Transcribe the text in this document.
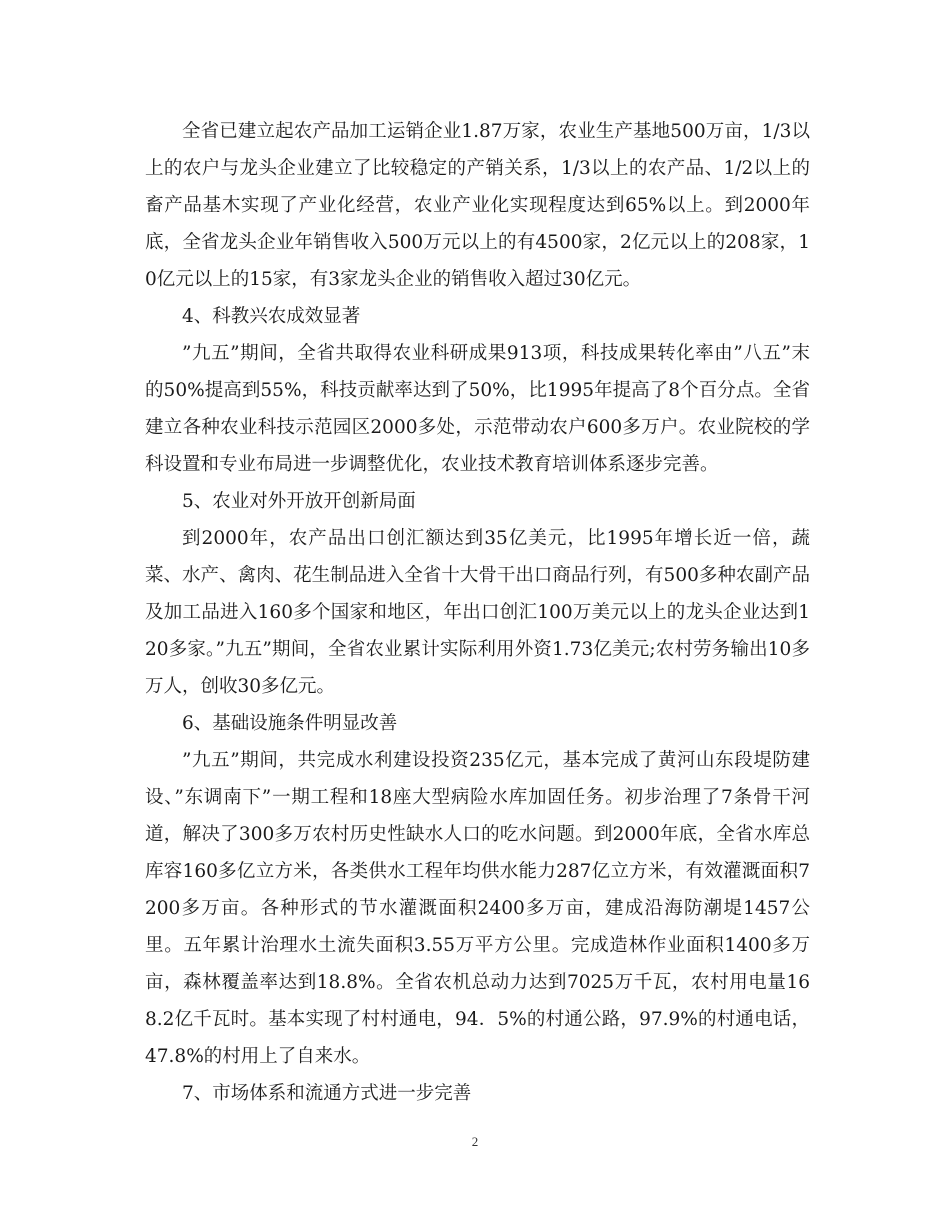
全省已建立起农产品加工运销企业1.87万家，农业生产基地500万亩，1/3以上的农户与龙头企业建立了比较稳定的产销关系，1/3以上的农产品、1/2以上的畜产品基木实现了产业化经营，农业产业化实现程度达到65%以上。到2000年底，全省龙头企业年销售收入500万元以上的有4500家，2亿元以上的208家，10亿元以上的15家，有3家龙头企业的销售收入超过30亿元。

4、科教兴农成效显著

”九五”期间，全省共取得农业科研成果913项，科技成果转化率由”八五”末的50%提高到55%，科技贡献率达到了50%，比1995年提高了8个百分点。全省建立各种农业科技示范园区2000多处，示范带动农户600多万户。农业院校的学科设置和专业布局进一步调整优化，农业技术教育培训体系逐步完善。

5、农业对外开放开创新局面

到2000年，农产品出口创汇额达到35亿美元，比1995年增长近一倍，蔬菜、水产、禽肉、花生制品进入全省十大骨干出口商品行列，有500多种农副产品及加工品进入160多个国家和地区，年出口创汇100万美元以上的龙头企业达到120多家。”九五”期间，全省农业累计实际利用外资1.73亿美元;农村劳务输出10多万人，创收30多亿元。

6、基础设施条件明显改善

”九五”期间，共完成水利建设投资235亿元，基本完成了黄河山东段堤防建设、”东调南下”一期工程和18座大型病险水库加固任务。初步治理了7条骨干河道，解决了300多万农村历史性缺水人口的吃水问题。到2000年底，全省水库总库容160多亿立方米，各类供水工程年均供水能力287亿立方米，有效灌溉面积7200多万亩。各种形式的节水灌溉面积2400多万亩，建成沿海防潮堤1457公里。五年累计治理水土流失面积3.55万平方公里。完成造林作业面积1400多万亩，森林覆盖率达到18.8%。全省农机总动力达到7025万千瓦，农村用电量168.2亿千瓦时。基本实现了村村通电，94．5%的村通公路，97.9%的村通电话，47.8%的村用上了自来水。

7、市场体系和流通方式进一步完善

2
